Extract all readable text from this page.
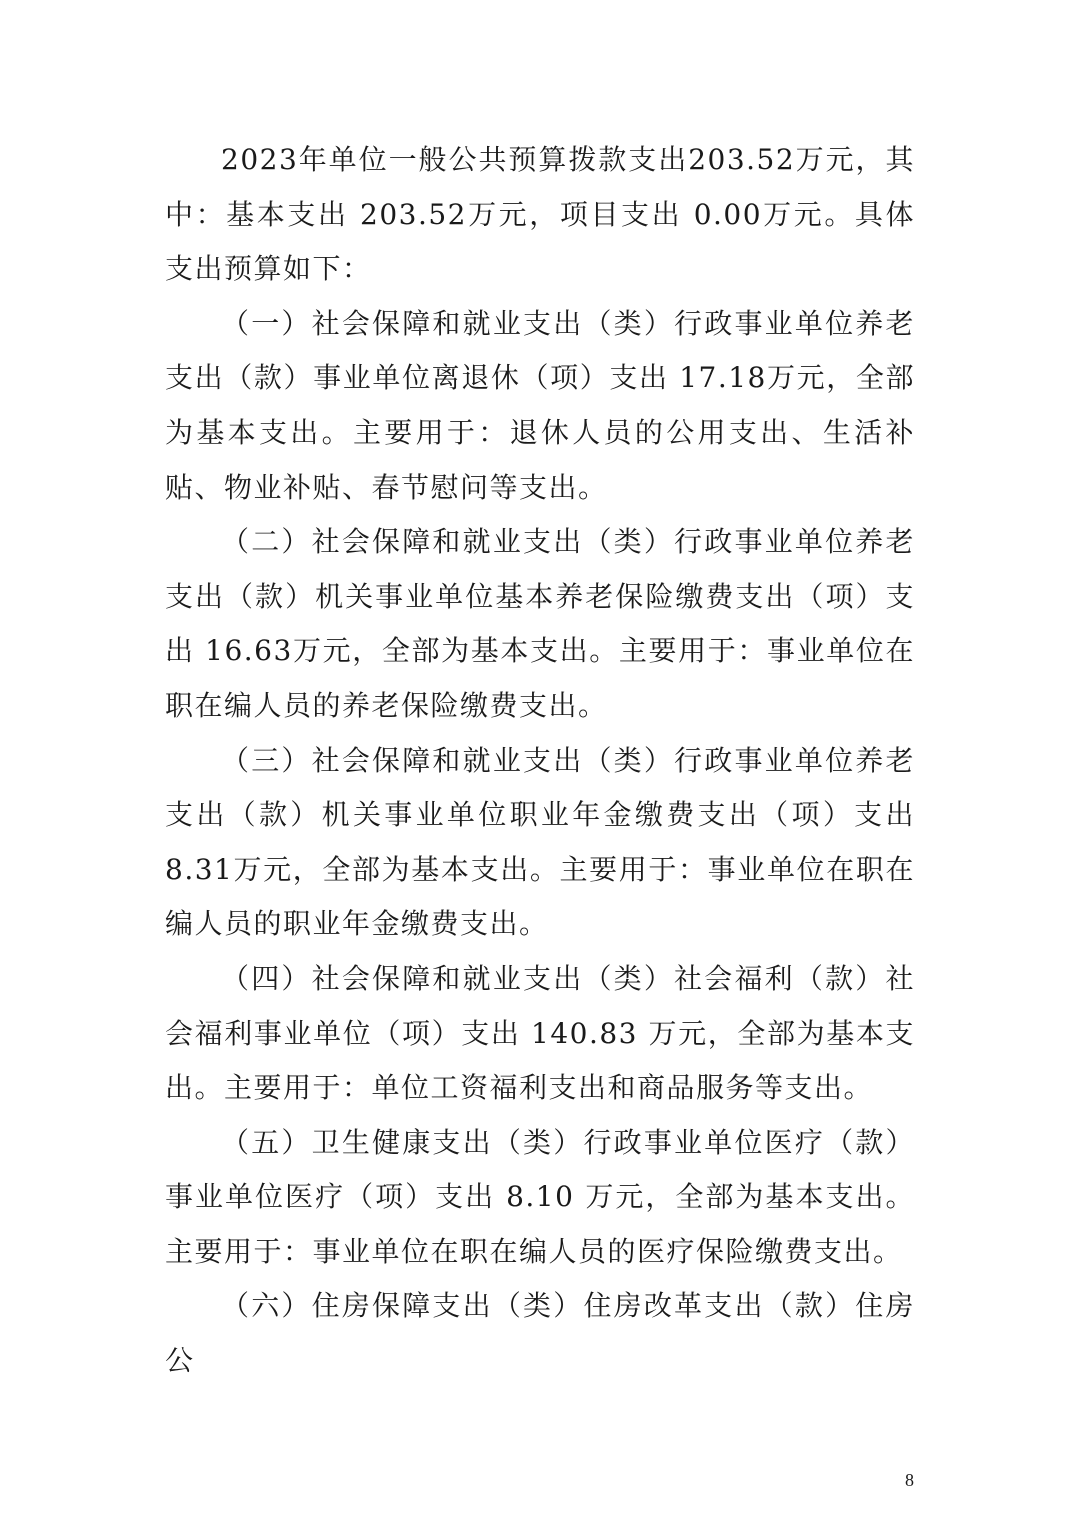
2023年单位一般公共预算拨款支出203.52万元，其中：基本支出 203.52万元，项目支出 0.00万元。具体支出预算如下：

（一）社会保障和就业支出（类）行政事业单位养老支出（款）事业单位离退休（项）支出 17.18万元，全部为基本支出。主要用于：退休人员的公用支出、生活补贴、物业补贴、春节慰问等支出。

（二）社会保障和就业支出（类）行政事业单位养老支出（款）机关事业单位基本养老保险缴费支出（项）支出 16.63万元，全部为基本支出。主要用于：事业单位在职在编人员的养老保险缴费支出。

（三）社会保障和就业支出（类）行政事业单位养老支出（款）机关事业单位职业年金缴费支出（项）支出 8.31万元，全部为基本支出。主要用于：事业单位在职在编人员的职业年金缴费支出。

（四）社会保障和就业支出（类）社会福利（款）社会福利事业单位（项）支出 140.83 万元，全部为基本支出。主要用于：单位工资福利支出和商品服务等支出。

（五）卫生健康支出（类）行政事业单位医疗（款）事业单位医疗（项）支出 8.10 万元，全部为基本支出。主要用于：事业单位在职在编人员的医疗保险缴费支出。

（六）住房保障支出（类）住房改革支出（款）住房公

8
